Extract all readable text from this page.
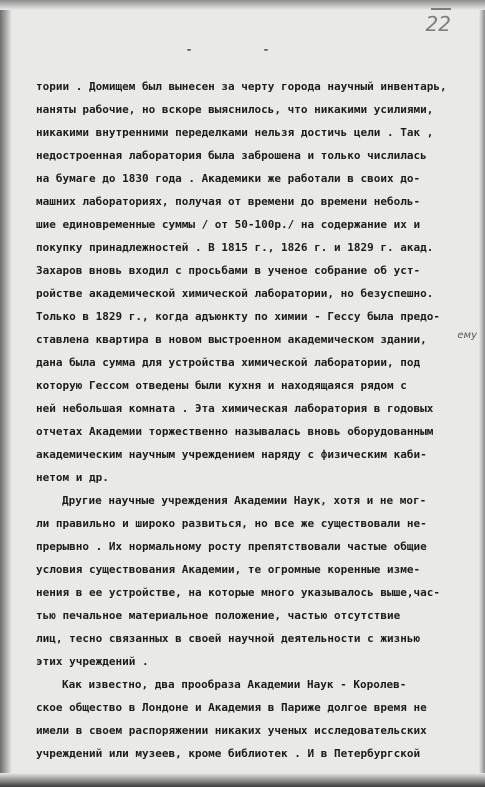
22
- -
ему
тории . Домищем был вынесен за черту города научный инвентарь,
наняты рабочие, но вскоре выяснилось, что никакими усилиями,
никакими внутренними переделками нельзя достичь цели . Так ,
недостроенная лаборатория была заброшена и только числилась
на бумаге до 1830 года . Академики же работали в своих до-
машних лабораториях, получая от времени до времени неболь-
шие единовременные суммы / от 50-100р./ на содержание их и
покупку принадлежностей . В 1815 г., 1826 г. и 1829 г. акад.
Захаров вновь входил с просьбами в ученое собрание об уст-
ройстве академической химической лаборатории, но безуспешно.
Только в 1829 г., когда адъюнкту по химии - Гессу была предо-
ставлена квартира в новом выстроенном академическом здании,
дана была сумма для устройства химической лаборатории, под
которую Гессом отведены были кухня и находящаяся рядом с
ней небольшая комната . Эта химическая лаборатория в годовых
отчетах Академии торжественно называлась вновь оборудованным
академическим научным учреждением наряду с физическим каби-
нетом и др.
Другие научные учреждения Академии Наук, хотя и не мог-
ли правильно и широко развиться, но все же существовали не-
прерывно . Их нормальному росту препятствовали частые общие
условия существования Академии, те огромные коренные изме-
нения в ее устройстве, на которые много указывалось выше,час-
тью печальное материальное положение, частью отсутствие
лиц, тесно связанных в своей научной деятельности с жизнью
этих учреждений .
Как известно, два прообраза Академии Наук - Королев-
ское общество в Лондоне и Академия в Париже долгое время не
имели в своем распоряжении никаких ученых исследовательских
учреждений или музеев, кроме библиотек . И в Петербургской
